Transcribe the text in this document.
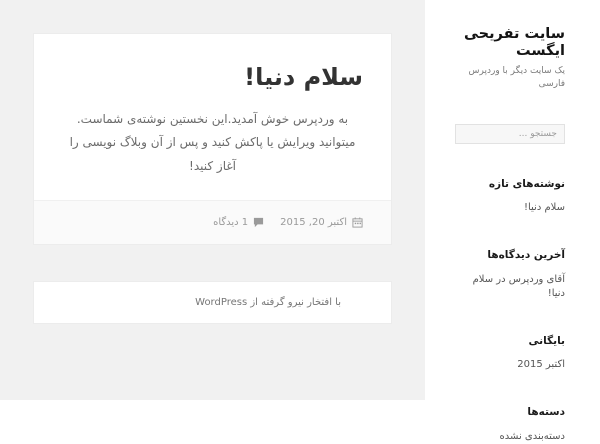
سایت تفریحی ایگست
یک سایت دیگر با وردپرس فارسی
جستجو ...
نوشته‌های تازه
سلام دنیا!
آخرین دیدگاه‌ها
آقای وردپرس در سلام دنیا!
بایگانی
اکتبر 2015
دسته‌ها
دسته‌بندی نشده
سلام دنیا!

به وردپرس خوش آمدید.این نخستین نوشته‌ی شماست. میتوانید ویرایش یا پاکش کنید و پس از آن وبلاگ نویسی را آغاز کنید!

اکتبر 20, 2015
1 دیدگاه
با افتخار نیرو گرفته از WordPress
